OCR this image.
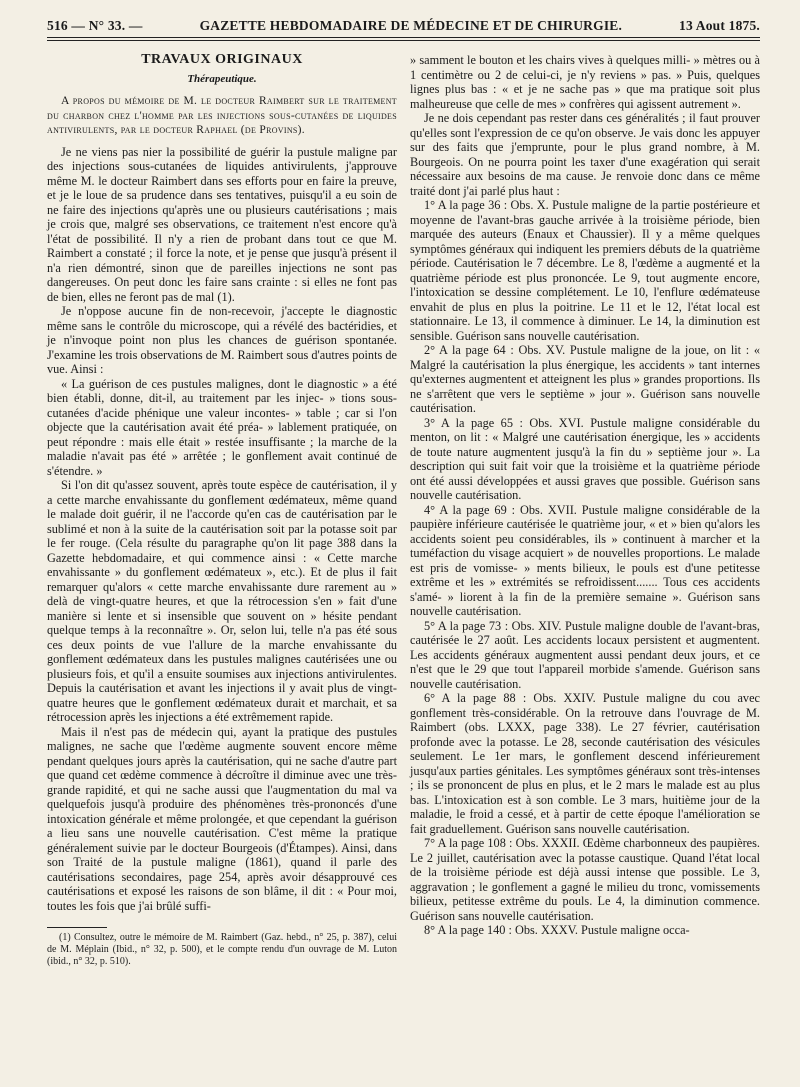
516 — N° 33. —	GAZETTE HEBDOMADAIRE DE MÉDECINE ET DE CHIRURGIE.	13 Aout 1875.
TRAVAUX ORIGINAUX
Thérapeutique.

A propos du mémoire de M. le docteur Raimbert sur le traitement du charbon chez l'homme par les injections sous-cutanées de liquides antivirulents, par le docteur Raphael (de Provins).

Je ne viens pas nier la possibilité de guérir la pustule maligne par des injections sous-cutanées de liquides antivirulents, j'approuve même M. le docteur Raimbert dans ses efforts pour en faire la preuve, et je le loue de sa prudence dans ses tentatives, puisqu'il a eu soin de ne faire des injections qu'après une ou plusieurs cautérisations ; mais je crois que, malgré ses observations, ce traitement n'est encore qu'à l'état de possibilité. Il n'y a rien de probant dans tout ce que M. Raimbert a constaté ; il force la note, et je pense que jusqu'à présent il n'a rien démontré, sinon que de pareilles injections ne sont pas dangereuses. On peut donc les faire sans crainte : si elles ne font pas de bien, elles ne feront pas de mal (1).

Je n'oppose aucune fin de non-recevoir, j'accepte le diagnostic même sans le contrôle du microscope, qui a révélé des bactéridies, et je n'invoque point non plus les chances de guérison spontanée. J'examine les trois observations de M. Raimbert sous d'autres points de vue. Ainsi :

« La guérison de ces pustules malignes, dont le diagnostic » a été bien établi, donne, dit-il, au traitement par les injec- » tions sous-cutanées d'acide phénique une valeur incontes- » table ; car si l'on objecte que la cautérisation avait été préa- » lablement pratiquée, on peut répondre : mais elle était » restée insuffisante ; la marche de la maladie n'avait pas été » arrêtée ; le gonflement avait continué de s'étendre. »

Si l'on dit qu'assez souvent, après toute espèce de cautérisation, il y a cette marche envahissante du gonflement œdémateux, même quand le malade doit guérir, il ne l'accorde qu'en cas de cautérisation par le sublimé et non à la suite de la cautérisation soit par la potasse soit par le fer rouge. (Cela résulte du paragraphe qu'on lit page 388 dans la Gazette hebdomadaire, et qui commence ainsi : « Cette marche envahissante » du gonflement œdémateux », etc.). Et de plus il fait remarquer qu'alors « cette marche envahissante dure rarement au » delà de vingt-quatre heures, et que la rétrocession s'en » fait d'une manière si lente et si insensible que souvent on » hésite pendant quelque temps à la reconnaître ». Or, selon lui, telle n'a pas été sous ces deux points de vue l'allure de la marche envahissante du gonflement œdémateux dans les pustules malignes cautérisées une ou plusieurs fois, et qu'il a ensuite soumises aux injections antivirulentes. Depuis la cautérisation et avant les injections il y avait plus de vingt-quatre heures que le gonflement œdémateux durait et marchait, et sa rétrocession après les injections a été extrêmement rapide.

Mais il n'est pas de médecin qui, ayant la pratique des pustules malignes, ne sache que l'œdème augmente souvent encore même pendant quelques jours après la cautérisation, qui ne sache d'autre part que quand cet œdème commence à décroître il diminue avec une très-grande rapidité, et qui ne sache aussi que l'augmentation du mal va quelquefois jusqu'à produire des phénomènes très-prononcés d'une intoxication générale et même prolongée, et que cependant la guérison a lieu sans une nouvelle cautérisation. C'est même la pratique généralement suivie par le docteur Bourgeois (d'Étampes). Ainsi, dans son Traité de la pustule maligne (1861), quand il parle des cautérisations secondaires, page 254, après avoir désapprouvé ces cautérisations et exposé les raisons de son blâme, il dit : « Pour moi, toutes les fois que j'ai brûlé suffi-

(1) Consultez, outre le mémoire de M. Raimbert (Gaz. hebd., n° 25, p. 387), celui de M. Méplain (Ibid., n° 32, p. 500), et le compte rendu d'un ouvrage de M. Luton (ibid., n° 32, p. 510).

» samment le bouton et les chairs vives à quelques milli- » mètres ou à 1 centimètre ou 2 de celui-ci, je n'y reviens » pas. » Puis, quelques lignes plus bas : « et je ne sache pas » que ma pratique soit plus malheureuse que celle de mes » confrères qui agissent autrement ».

Je ne dois cependant pas rester dans ces généralités ; il faut prouver qu'elles sont l'expression de ce qu'on observe. Je vais donc les appuyer sur des faits que j'emprunte, pour le plus grand nombre, à M. Bourgeois. On ne pourra point les taxer d'une exagération qui serait nécessaire aux besoins de ma cause. Je renvoie donc dans ce même traité dont j'ai parlé plus haut :

1° A la page 36 : Obs. X. Pustule maligne de la partie postérieure et moyenne de l'avant-bras gauche arrivée à la troisième période, bien marquée des auteurs (Enaux et Chaussier). Il y a même quelques symptômes généraux qui indiquent les premiers débuts de la quatrième période. Cautérisation le 7 décembre. Le 8, l'œdème a augmenté et la quatrième période est plus prononcée. Le 9, tout augmente encore, l'intoxication se dessine complétement. Le 10, l'enflure œdémateuse envahit de plus en plus la poitrine. Le 11 et le 12, l'état local est stationnaire. Le 13, il commence à diminuer. Le 14, la diminution est sensible. Guérison sans nouvelle cautérisation.

2° A la page 64 : Obs. XV. Pustule maligne de la joue, on lit : « Malgré la cautérisation la plus énergique, les accidents » tant internes qu'externes augmentent et atteignent les plus » grandes proportions. Ils ne s'arrêtent que vers le septième » jour ». Guérison sans nouvelle cautérisation.

3° A la page 65 : Obs. XVI. Pustule maligne considérable du menton, on lit : « Malgré une cautérisation énergique, les » accidents de toute nature augmentent jusqu'à la fin du » septième jour ». La description qui suit fait voir que la troisième et la quatrième période ont été aussi développées et aussi graves que possible. Guérison sans nouvelle cautérisation.

4° A la page 69 : Obs. XVII. Pustule maligne considérable de la paupière inférieure cautérisée le quatrième jour, « et » bien qu'alors les accidents soient peu considérables, ils » continuent à marcher et la tuméfaction du visage acquiert » de nouvelles proportions. Le malade est pris de vomisse- » ments bilieux, le pouls est d'une petitesse extrême et les » extrémités se refroidissent....... Tous ces accidents s'amé- » liorent à la fin de la première semaine ». Guérison sans nouvelle cautérisation.

5° A la page 73 : Obs. XIV. Pustule maligne double de l'avant-bras, cautérisée le 27 août. Les accidents locaux persistent et augmentent. Les accidents généraux augmentent aussi pendant deux jours, et ce n'est que le 29 que tout l'appareil morbide s'amende. Guérison sans nouvelle cautérisation.

6° A la page 88 : Obs. XXIV. Pustule maligne du cou avec gonflement très-considérable. On la retrouve dans l'ouvrage de M. Raimbert (obs. LXXX, page 338). Le 27 février, cautérisation profonde avec la potasse. Le 28, seconde cautérisation des vésicules seulement. Le 1er mars, le gonflement descend inférieurement jusqu'aux parties génitales. Les symptômes généraux sont très-intenses ; ils se prononcent de plus en plus, et le 2 mars le malade est au plus bas. L'intoxication est à son comble. Le 3 mars, huitième jour de la maladie, le froid a cessé, et à partir de cette époque l'amélioration se fait graduellement. Guérison sans nouvelle cautérisation.

7° A la page 108 : Obs. XXXII. Œdème charbonneux des paupières. Le 2 juillet, cautérisation avec la potasse caustique. Quand l'état local de la troisième période est déjà aussi intense que possible. Le 3, aggravation ; le gonflement a gagné le milieu du tronc, vomissements bilieux, petitesse extrême du pouls. Le 4, la diminution commence. Guérison sans nouvelle cautérisation.

8° A la page 140 : Obs. XXXV. Pustule maligne occa-
